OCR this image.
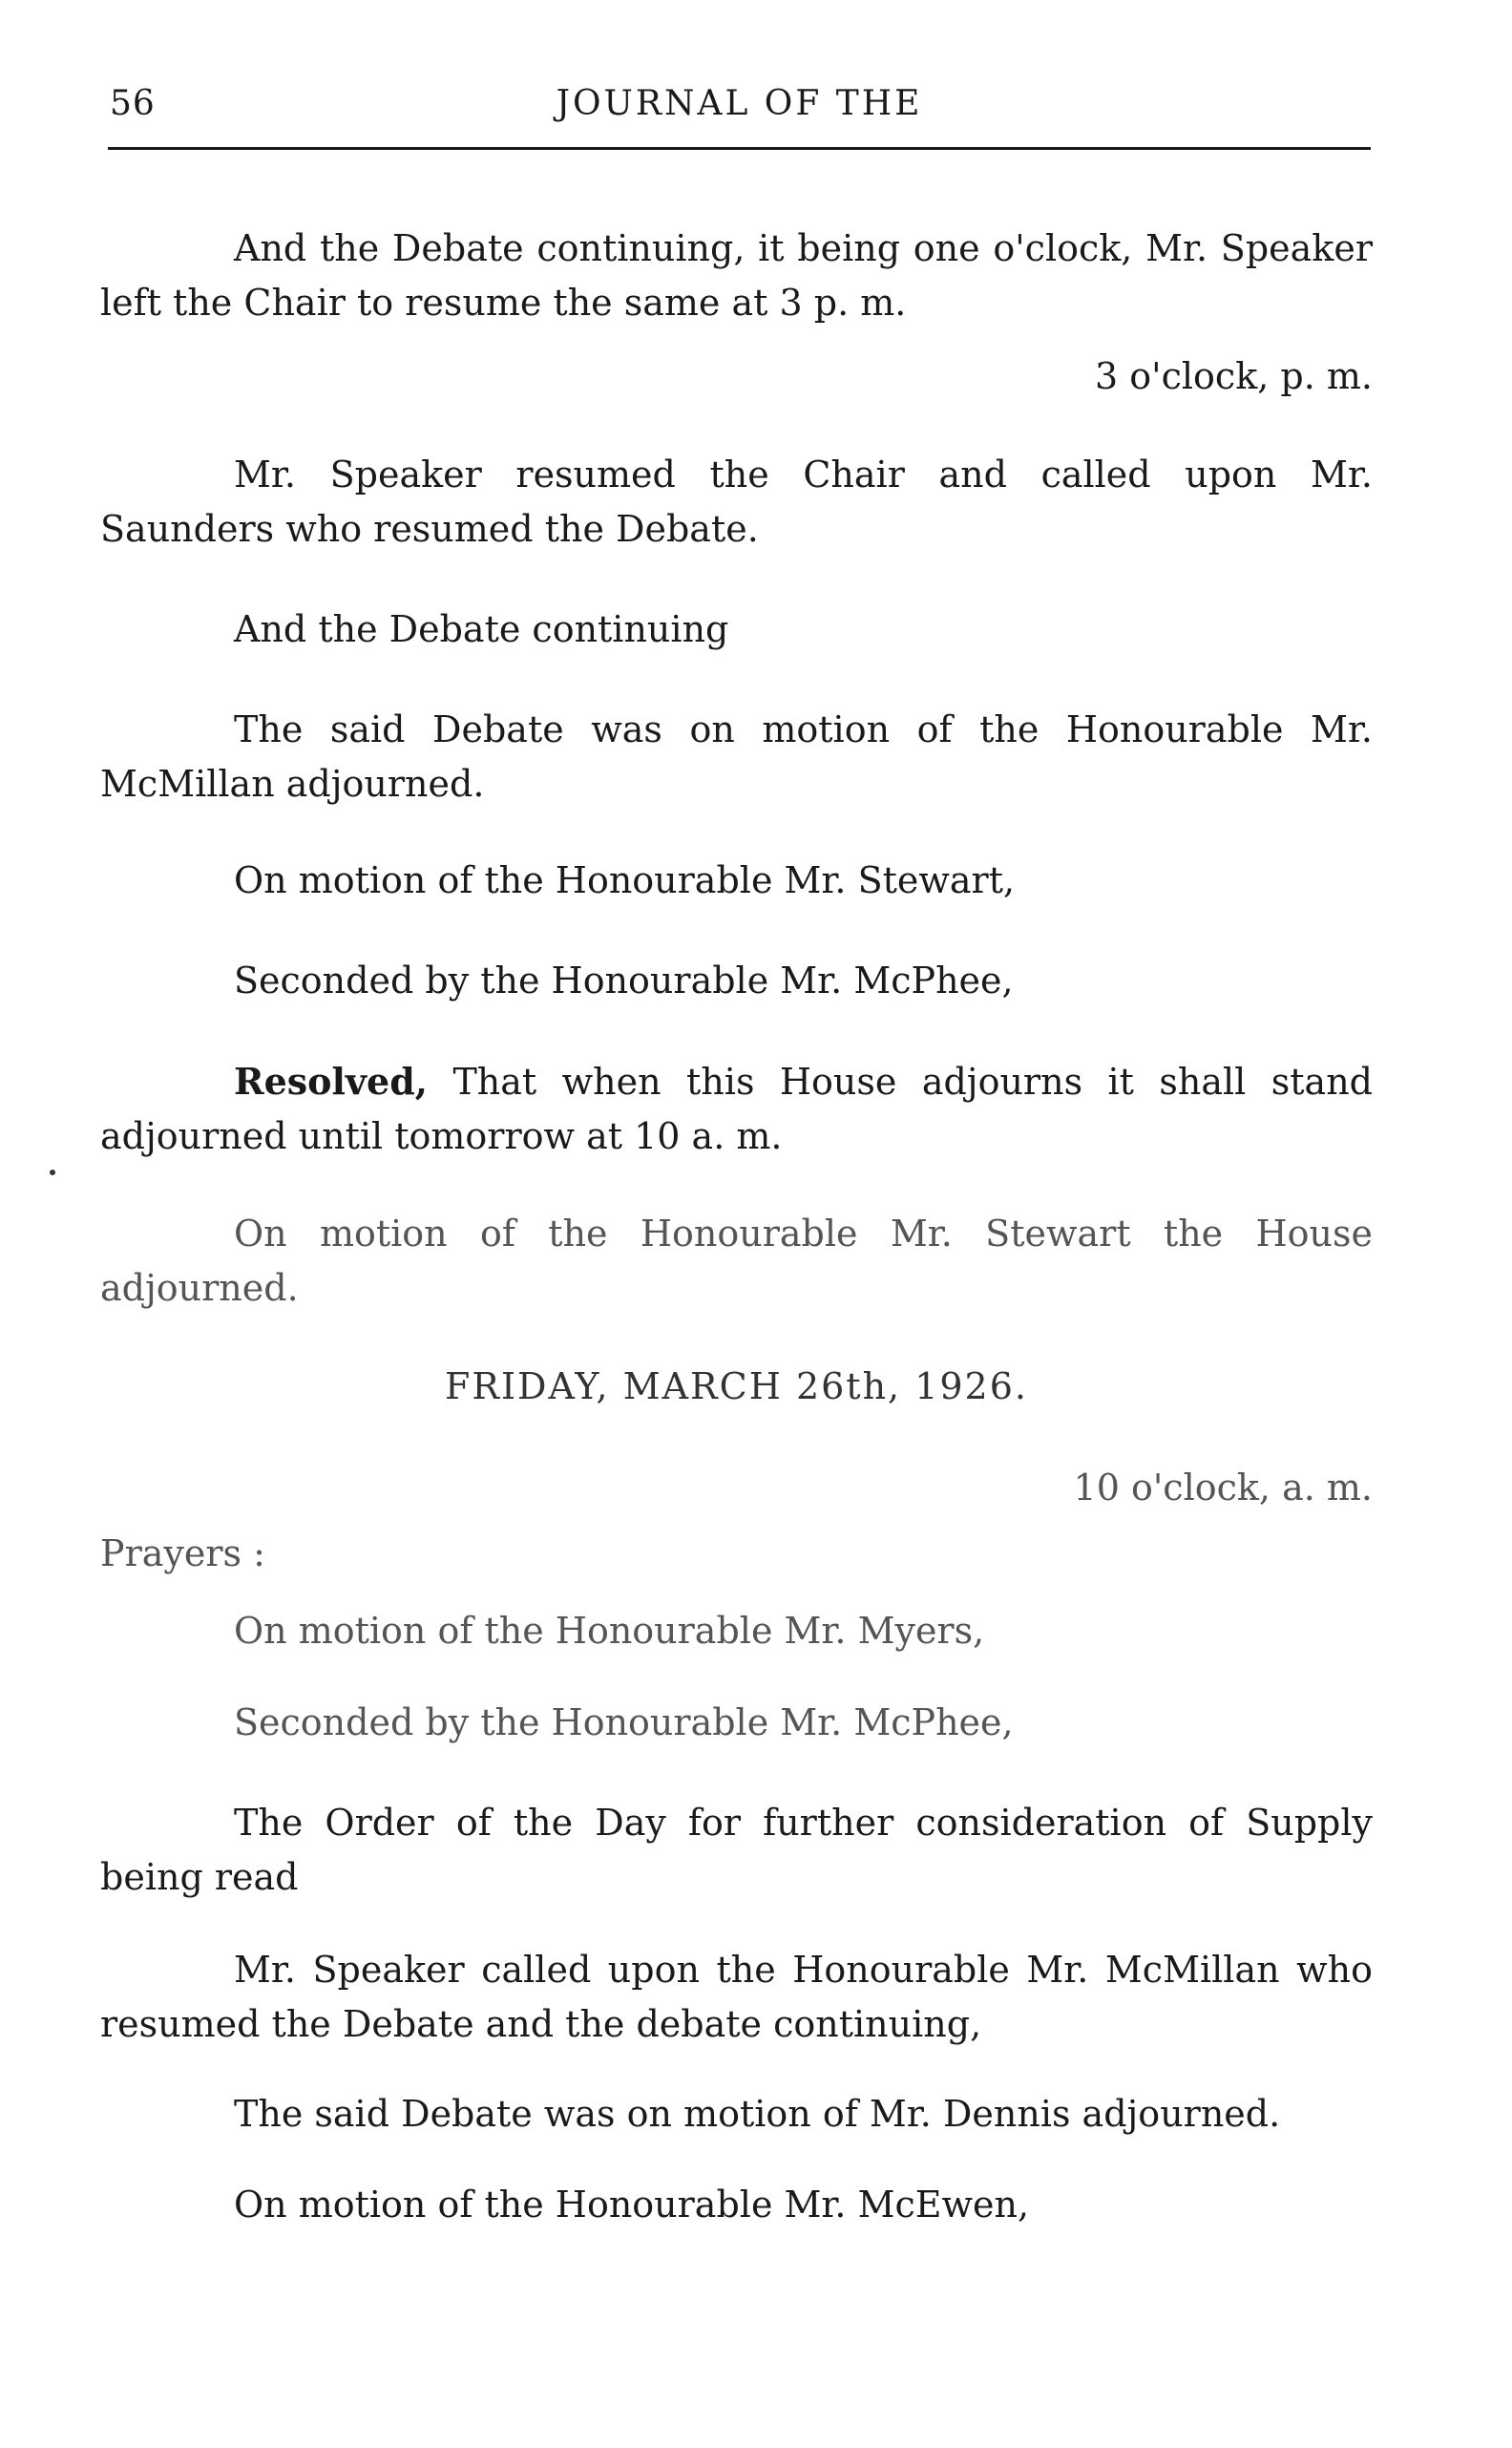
56	JOURNAL OF THE

And the Debate continuing, it being one o'clock, Mr. Speaker left the Chair to resume the same at 3 p. m.

3 o'clock, p. m.

Mr. Speaker resumed the Chair and called upon Mr. Saunders who resumed the Debate.

And the Debate continuing

The said Debate was on motion of the Honourable Mr. McMillan adjourned.

On motion of the Honourable Mr. Stewart,

Seconded by the Honourable Mr. McPhee,

Resolved, That when this House adjourns it shall stand adjourned until tomorrow at 10 a. m.

On motion of the Honourable Mr. Stewart the House adjourned.

FRIDAY, MARCH 26th, 1926.
10 o'clock, a. m.

Prayers :

On motion of the Honourable Mr. Myers,

Seconded by the Honourable Mr. McPhee,

The Order of the Day for further consideration of Supply being read

Mr. Speaker called upon the Honourable Mr. McMillan who resumed the Debate and the debate continuing,

The said Debate was on motion of Mr. Dennis adjourned.

On motion of the Honourable Mr. McEwen,
